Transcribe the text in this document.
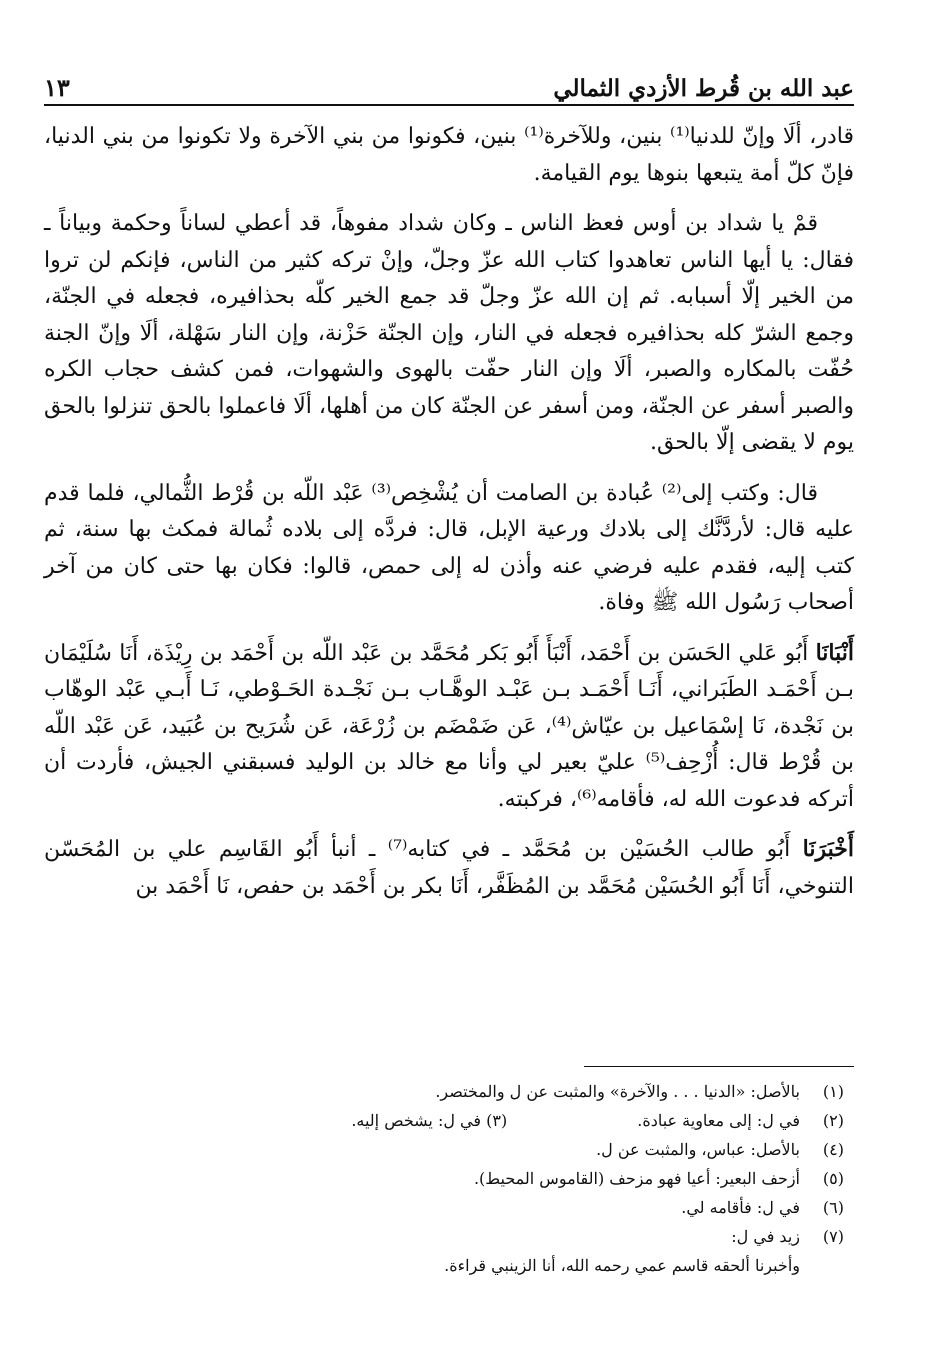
عبد الله بن قُرط الأزدي الثمالي
١٣

قادر، ألَا وإنّ للدنيا⁽¹⁾ بنين، وللآخرة⁽¹⁾ بنين، فكونوا من بني الآخرة ولا تكونوا من بني الدنيا، فإنّ كلّ أمة يتبعها بنوها يوم القيامة.

قمْ يا شداد بن أوس فعظ الناس ـ وكان شداد مفوهاً، قد أعطي لساناً وحكمة وبياناً ـ فقال: يا أيها الناس تعاهدوا كتاب الله عزّ وجلّ، وإنْ تركه كثير من الناس، فإنكم لن تروا من الخير إلّا أسبابه. ثم إن الله عزّ وجلّ قد جمع الخير كلّه بحذافيره، فجعله في الجنّة، وجمع الشرّ كله بحذافيره فجعله في النار، وإن الجنّة حَزْنة، وإن النار سَهْلة، ألَا وإنّ الجنة حُفّت بالمكاره والصبر، ألَا وإن النار حفّت بالهوى والشهوات، فمن كشف حجاب الكره والصبر أسفر عن الجنّة، ومن أسفر عن الجنّة كان من أهلها، ألَا فاعملوا بالحق تنزلوا بالحق يوم لا يقضى إلّا بالحق.

قال: وكتب إلى⁽²⁾ عُبادة بن الصامت أن يُشْخِص⁽³⁾ عَبْد اللّه بن قُرْط الثُّمالي، فلما قدم عليه قال: لأردَّنَّك إلى بلادك ورعية الإبل، قال: فردَّه إلى بلاده ثُمالة فمكث بها سنة، ثم كتب إليه، فقدم عليه فرضي عنه وأذن له إلى حمص، قالوا: فكان بها حتى كان من آخر أصحاب رَسُول الله ﷺ وفاة.

أَنْبَانَا أَبُو عَلي الحَسَن بن أَحْمَد، أَنْبَأَ أَبُو بَكر مُحَمَّد بن عَبْد اللّه بن أَحْمَد بن رِيْذَة، أَنَا سُلَيْمَان بـن أَحْمَـد الطَبَراني، أَنَـا أَحْمَـد بـن عَبْـد الوهَّـاب بـن نَجْـدة الحَـوْطي، نَـا أَبـي عَبْد الوهّاب بن نَجْدة، نَا إسْمَاعيل بن عيّاش⁽⁴⁾، عَن ضَمْضَم بن زُرْعَة، عَن شُرَيح بن عُبَيد، عَن عَبْد اللّه بن قُرْط قال: أُزْحِف⁽⁵⁾ عليّ بعير لي وأنا مع خالد بن الوليد فسبقني الجيش، فأردت أن أتركه فدعوت الله له، فأقامه⁽⁶⁾، فركبته.

أَخْبَرَنَا أَبُو طالب الحُسَيْن بن مُحَمَّد ـ في كتابه⁽⁷⁾ ـ أنبأ أَبُو القَاسِم علي بن المُحَسّن التنوخي، أَنَا أَبُو الحُسَيْن مُحَمَّد بن المُظَفَّر، أَنَا بكر بن أَحْمَد بن حفص، نَا أَحْمَد بن

(١)
بالأصل: «الدنيا . . . والآخرة» والمثبت عن ل والمختصر.
(٢)
في ل: إلى معاوية عبادة.
(٣) في ل: يشخص إليه.
(٤)
بالأصل: عباس، والمثبت عن ل.
(٥)
أزحف البعير: أعيا فهو مزحف (القاموس المحيط).
(٦)
في ل: فأقامه لي.
(٧)
زيد في ل:
وأخبرنا ألحقه قاسم عمي رحمه الله، أنا الزينبي قراءة.
